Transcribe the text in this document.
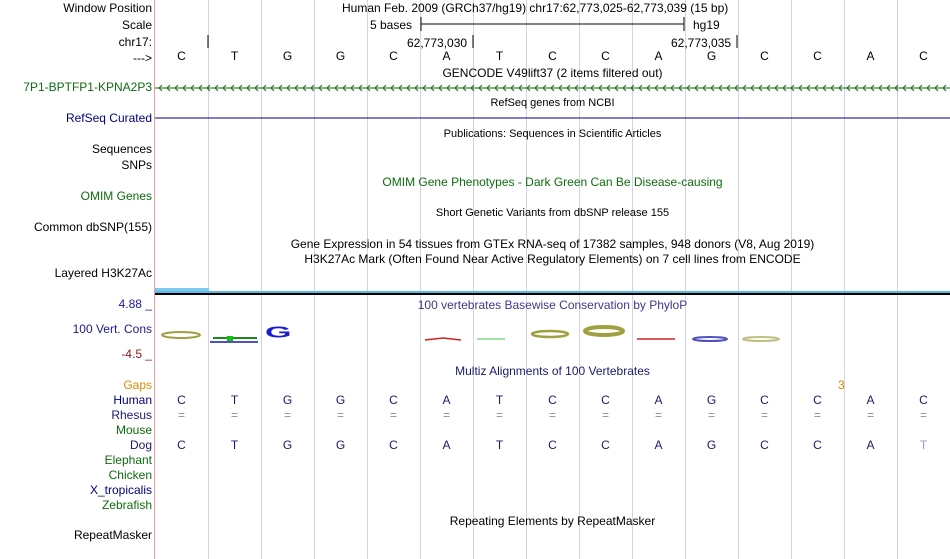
Window Position
Scale
chr17:
--->
7P1-BPTFP1-KPNA2P3
RefSeq Curated
Sequences
SNPs
OMIM Genes
Common dbSNP(155)
Layered H3K27Ac
4.88 _
100 Vert. Cons
-4.5 _
Gaps
Human
Rhesus
Mouse
Dog
Elephant
Chicken
X_tropicalis
Zebrafish
RepeatMasker
Human Feb. 2009 (GRCh37/hg19) chr17:62,773,025-62,773,039 (15 bp)
5 bases	hg19
62,773,030	62,773,035
C	T	G	G	C	A	T	C	C	A	G	C	C	A	C
GENCODE V49lift37 (2 items filtered out)
RefSeq genes from NCBI
Publications: Sequences in Scientific Articles
OMIM Gene Phenotypes - Dark Green Can Be Disease-causing
Short Genetic Variants from dbSNP release 155
Gene Expression in 54 tissues from GTEx RNA-seq of 17382 samples, 948 donors (V8, Aug 2019)
H3K27Ac Mark (Often Found Near Active Regulatory Elements) on 7 cell lines from ENCODE
100 vertebrates Basewise Conservation by PhyloP
G
Multiz Alignments of 100 Vertebrates
3
C	T	G	G	C	A	T	C	C	A	G	C	C	A	C
=	=	=	=	=	=	=	=	=	=	=	=	=	=	=
C	T	G	G	C	A	T	C	C	A	G	C	C	A	T
Repeating Elements by RepeatMasker
